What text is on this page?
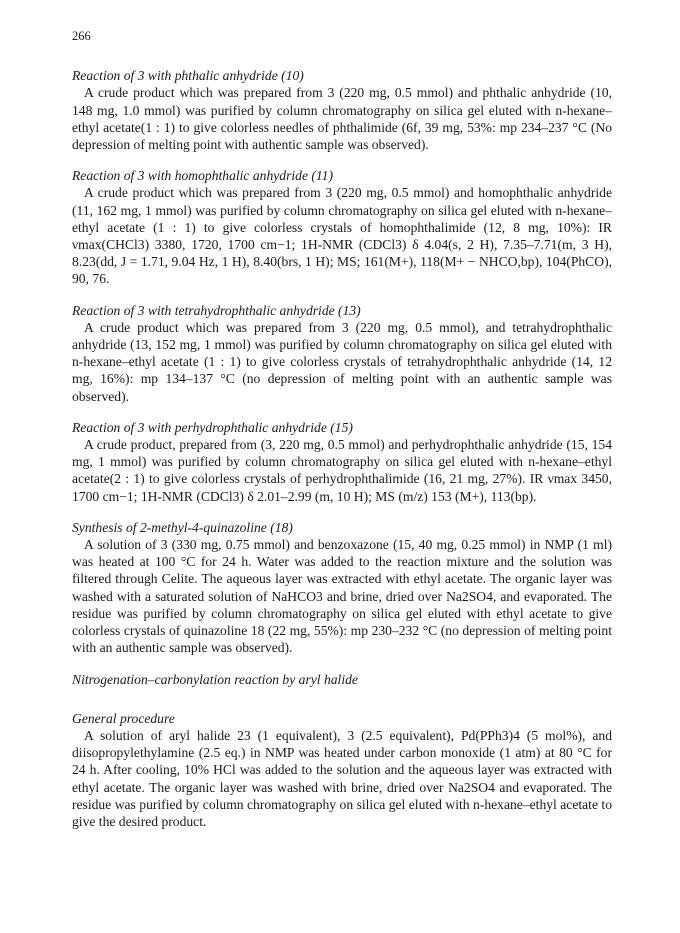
266
Reaction of 3 with phthalic anhydride (10)

A crude product which was prepared from 3 (220 mg, 0.5 mmol) and phthalic anhydride (10, 148 mg, 1.0 mmol) was purified by column chromatography on silica gel eluted with n-hexane–ethyl acetate(1 : 1) to give colorless needles of phthalimide (6f, 39 mg, 53%: mp 234–237 °C (No depression of melting point with authentic sample was observed).

Reaction of 3 with homophthalic anhydride (11)

A crude product which was prepared from 3 (220 mg, 0.5 mmol) and homophthalic anhydride (11, 162 mg, 1 mmol) was purified by column chromatography on silica gel eluted with n-hexane–ethyl acetate (1 : 1) to give colorless crystals of homophthalimide (12, 8 mg, 10%): IR νmax(CHCl3) 3380, 1720, 1700 cm−1; 1H-NMR (CDCl3) δ 4.04(s, 2 H), 7.35–7.71(m, 3 H), 8.23(dd, J = 1.71, 9.04 Hz, 1 H), 8.40(brs, 1 H); MS; 161(M+), 118(M+ − NHCO,bp), 104(PhCO), 90, 76.

Reaction of 3 with tetrahydrophthalic anhydride (13)

A crude product which was prepared from 3 (220 mg, 0.5 mmol), and tetrahydrophthalic anhydride (13, 152 mg, 1 mmol) was purified by column chromatography on silica gel eluted with n-hexane–ethyl acetate (1 : 1) to give colorless crystals of tetrahydrophthalic anhydride (14, 12 mg, 16%): mp 134–137 °C (no depression of melting point with an authentic sample was observed).

Reaction of 3 with perhydrophthalic anhydride (15)

A crude product, prepared from (3, 220 mg, 0.5 mmol) and perhydrophthalic anhydride (15, 154 mg, 1 mmol) was purified by column chromatography on silica gel eluted with n-hexane–ethyl acetate(2 : 1) to give colorless crystals of perhydrophthalimide (16, 21 mg, 27%). IR νmax 3450, 1700 cm−1; 1H-NMR (CDCl3) δ 2.01–2.99 (m, 10 H); MS (m/z) 153 (M+), 113(bp).

Synthesis of 2-methyl-4-quinazoline (18)

A solution of 3 (330 mg, 0.75 mmol) and benzoxazone (15, 40 mg, 0.25 mmol) in NMP (1 ml) was heated at 100 °C for 24 h. Water was added to the reaction mixture and the solution was filtered through Celite. The aqueous layer was extracted with ethyl acetate. The organic layer was washed with a saturated solution of NaHCO3 and brine, dried over Na2SO4, and evaporated. The residue was purified by column chromatography on silica gel eluted with ethyl acetate to give colorless crystals of quinazoline 18 (22 mg, 55%): mp 230–232 °C (no depression of melting point with an authentic sample was observed).

Nitrogenation–carbonylation reaction by aryl halide
General procedure

A solution of aryl halide 23 (1 equivalent), 3 (2.5 equivalent), Pd(PPh3)4 (5 mol%), and diisopropylethylamine (2.5 eq.) in NMP was heated under carbon monoxide (1 atm) at 80 °C for 24 h. After cooling, 10% HCl was added to the solution and the aqueous layer was extracted with ethyl acetate. The organic layer was washed with brine, dried over Na2SO4 and evaporated. The residue was purified by column chromatography on silica gel eluted with n-hexane–ethyl acetate to give the desired product.
